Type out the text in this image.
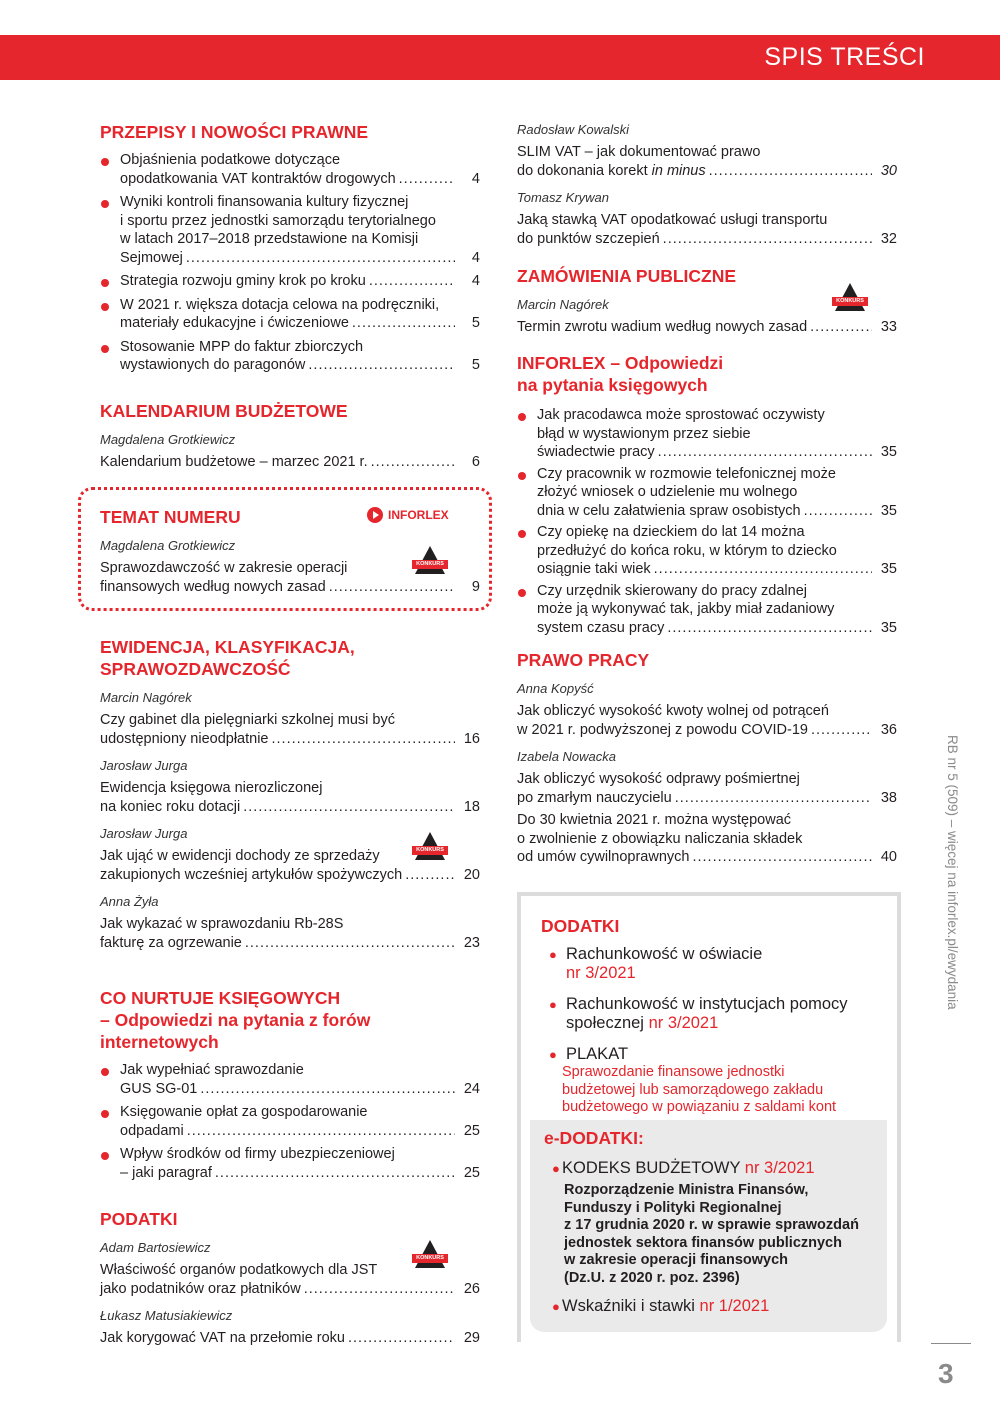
SPIS TREŚCI
INFORLEX
PRZEPISY I NOWOŚCI PRAWNE
Objaśnienia podatkowe dotyczące
opodatkowania VAT kontraktów drogowych .....	4
Wyniki kontroli finansowania kultury fizycznej
i sportu przez jednostki samorządu terytorialnego
w latach 2017–2018 przedstawione na Komisji
Sejmowej .....	4
Strategia rozwoju gminy krok po kroku .....	4
W 2021 r. większa dotacja celowa na podręczniki,
materiały edukacyjne i ćwiczeniowe .....	5
Stosowanie MPP do faktur zbiorczych
wystawionych do paragonów .....	5
KALENDARIUM BUDŻETOWE
Magdalena Grotkiewicz
Kalendarium budżetowe – marzec 2021 r. .....	6
TEMAT NUMERU
Magdalena Grotkiewicz
Sprawozdawczość w zakresie operacji
finansowych według nowych zasad .....	9
KONKURS
EWIDENCJA, KLASYFIKACJA,
SPRAWOZDAWCZOŚĆ
Marcin Nagórek
Czy gabinet dla pielęgniarki szkolnej musi być
udostępniony nieodpłatnie .....	16
Jarosław Jurga
Ewidencja księgowa nierozliczonej
na koniec roku dotacji .....	18
Jarosław Jurga
Jak ująć w ewidencji dochody ze sprzedaży
zakupionych wcześniej artykułów spożywczych .....	20
Anna Żyła
Jak wykazać w sprawozdaniu Rb-28S
fakturę za ogrzewanie .....	23
KONKURS
CO NURTUJE KSIĘGOWYCH
– Odpowiedzi na pytania z forów
internetowych
Jak wypełniać sprawozdanie
GUS SG-01 .....	24
Księgowanie opłat za gospodarowanie
odpadami .....	25
Wpływ środków od firmy ubezpieczeniowej
– jaki paragraf .....	25
PODATKI
Adam Bartosiewicz
Właściwość organów podatkowych dla JST
jako podatników oraz płatników .....	26
Łukasz Matusiakiewicz
Jak korygować VAT na przełomie roku .....	29
KONKURS
Radosław Kowalski
SLIM VAT – jak dokumentować prawo
do dokonania korekt in minus .....	30
Tomasz Krywan
Jaką stawką VAT opodatkować usługi transportu
do punktów szczepień .....	32
ZAMÓWIENIA PUBLICZNE
Marcin Nagórek
Termin zwrotu wadium według nowych zasad .....	33
KONKURS
INFORLEX – Odpowiedzi
na pytania księgowych
Jak pracodawca może sprostować oczywisty
błąd w wystawionym przez siebie
świadectwie pracy .....	35
Czy pracownik w rozmowie telefonicznej może
złożyć wniosek o udzielenie mu wolnego
dnia w celu załatwienia spraw osobistych .....	35
Czy opiekę na dzieckiem do lat 14 można
przedłużyć do końca roku, w którym to dziecko
osiągnie taki wiek .....	35
Czy urzędnik skierowany do pracy zdalnej
może ją wykonywać tak, jakby miał zadaniowy
system czasu pracy .....	35
PRAWO PRACY
Anna Kopyść
Jak obliczyć wysokość kwoty wolnej od potrąceń
w 2021 r. podwyższonej z powodu COVID-19 .....	36
Izabela Nowacka
Jak obliczyć wysokość odprawy pośmiertnej
po zmarłym nauczycielu .....	38
Do 30 kwietnia 2021 r. można występować
o zwolnienie z obowiązku naliczania składek
od umów cywilnoprawnych .....	40
DODATKI
● Rachunkowość w oświacie
nr 3/2021
● Rachunkowość w instytucjach pomocy społecznej nr 3/2021
● PLAKAT
Sprawozdanie finansowe jednostki
budżetowej lub samorządowego zakładu
budżetowego w powiązaniu z saldami kont
e-DODATKI:
● KODEKS BUDŻETOWY nr 3/2021
Rozporządzenie Ministra Finansów,
Funduszy i Polityki Regionalnej
z 17 grudnia 2020 r. w sprawie sprawozdań
jednostek sektora finansów publicznych
w zakresie operacji finansowych
(Dz.U. z 2020 r. poz. 2396)
● Wskaźniki i stawki nr 1/2021
RB nr 5 (509) – więcej na inforlex.pl/ewydania
3
